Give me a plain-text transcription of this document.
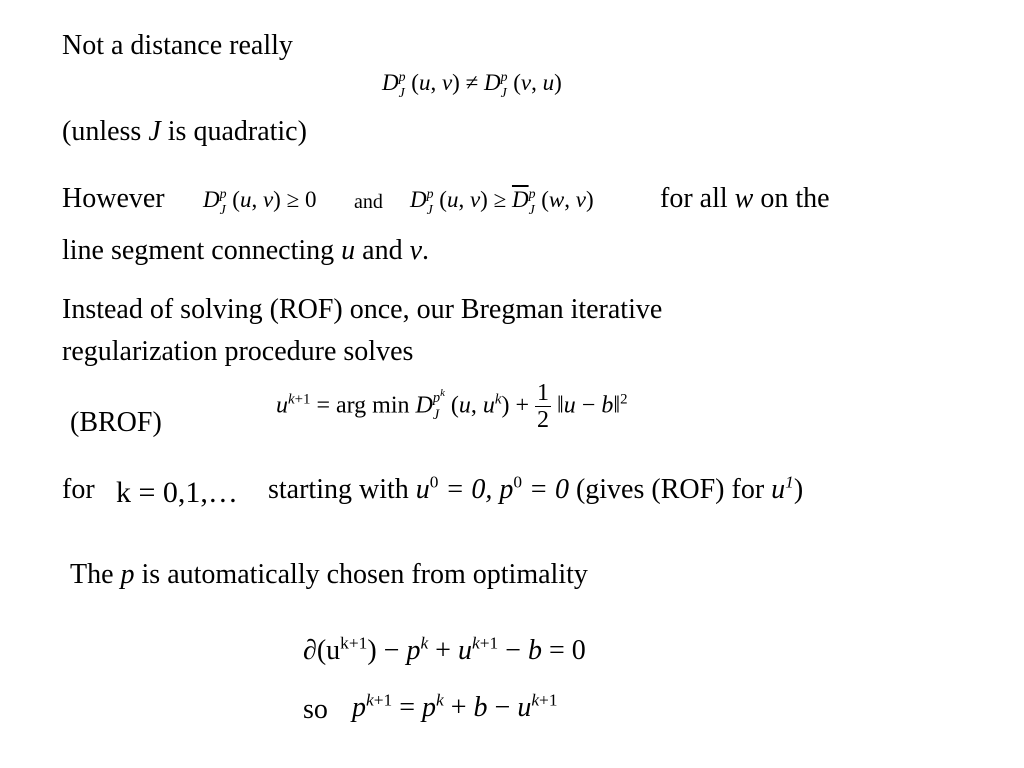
Not a distance really
D p
J (u, v) ≠ D p
J (v, u)
(unless J is quadratic)
However D p
J (u, v) ≥ 0 and D p
J (u, $v) \ge \overline{D}$ p
J (w, v) for all w on the
line segment connecting u and v.
Instead of solving (ROF) once, our Bregman iterative
regularization procedure solves
(BROF)
$u^{k+1}$ = arg min D $p^k$
J (u, $u^k) + \frac{1}{2}$ ‖u − b‖$^2$
for k = 0,1,… starting with $u^0 = 0$, $p^0 = 0$ (gives (ROF) for $u^1$)
The p is automatically chosen from optimality
$\partial(u^{k+1}) - p^k + u^{k+1} - b = 0$
so $p^{k+1} = p^k + b - u^{k+1}$
